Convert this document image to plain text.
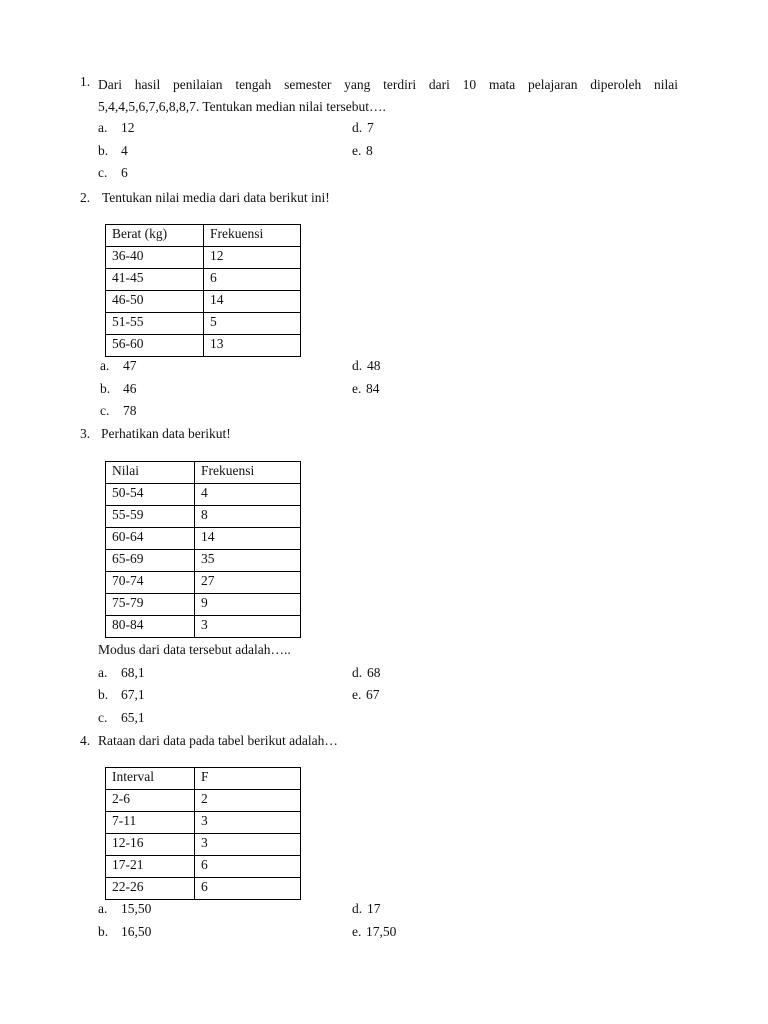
1. Dari hasil penilaian tengah semester yang terdiri dari 10 mata pelajaran diperoleh nilai
5,4,4,5,6,7,6,8,8,7. Tentukan median nilai tersebut….
a. 12
b. 4
c. 6
d. 7
e. 8
2. Tentukan nilai media dari data berikut ini!
Berat (kg)	Frekuensi
36-40	12
41-45	6
46-50	14
51-55	5
56-60	13
a. 47
b. 46
c. 78
d. 48
e. 84
3. Perhatikan data berikut!
Nilai	Frekuensi
50-54	4
55-59	8
60-64	14
65-69	35
70-74	27
75-79	9
80-84	3
Modus dari data tersebut adalah…..
a. 68,1
b. 67,1
c. 65,1
d. 68
e. 67
4. Rataan dari data pada tabel berikut adalah…
Interval	F
2-6	2
7-11	3
12-16	3
17-21	6
22-26	6
a. 15,50
b. 16,50
d. 17
e. 17,50
